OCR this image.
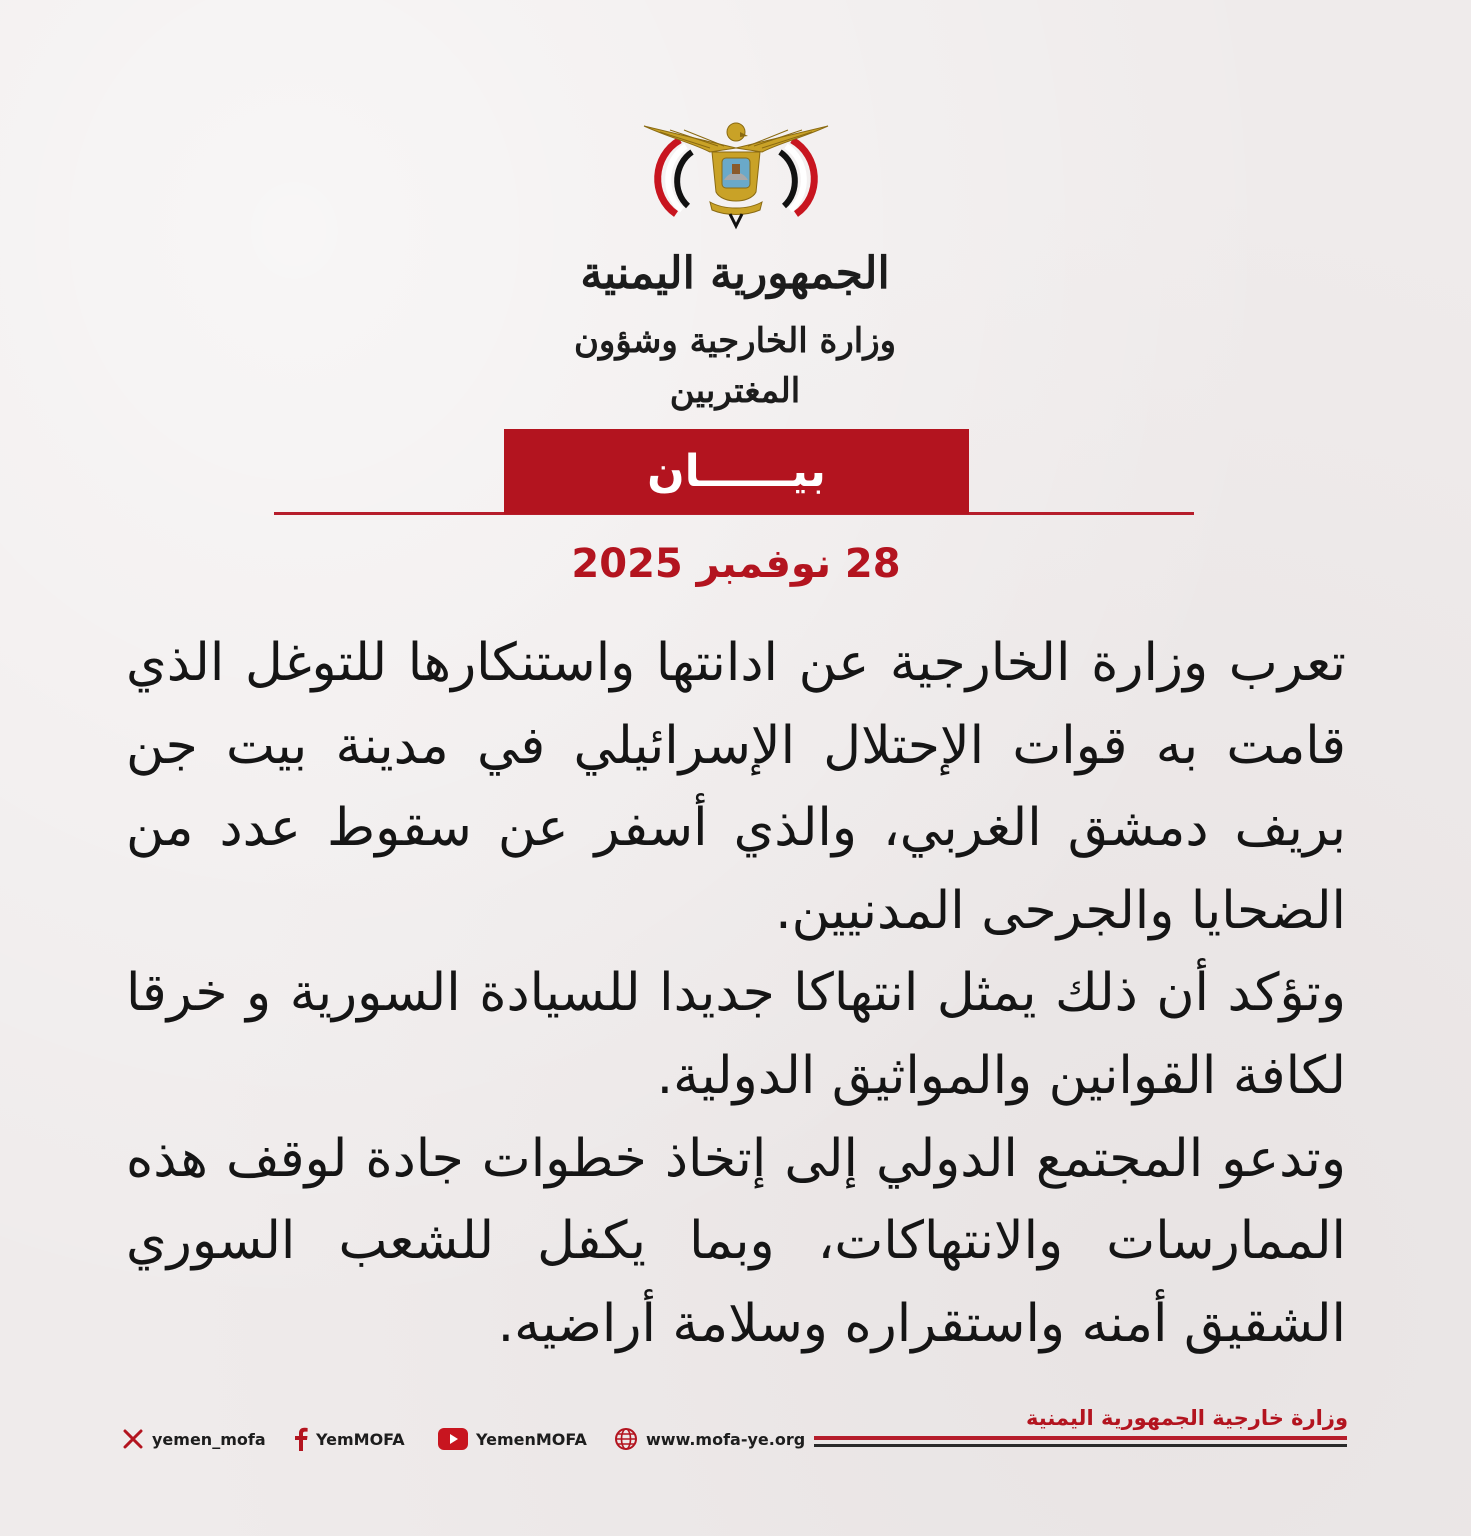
الجمهورية اليمنية
وزارة الخارجية وشؤون المغتربين
بيــــــان
28 نوفمبر 2025

تعرب وزارة الخارجية عن ادانتها واستنكارها للتوغل الذي قامت به قوات الإحتلال الإسرائيلي في مدينة بيت جن بريف دمشق الغربي، والذي أسفر عن سقوط عدد من الضحايا والجرحى المدنيين.

وتؤكد أن ذلك يمثل انتهاكا جديدا للسيادة السورية و خرقا لكافة القوانين والمواثيق الدولية.

وتدعو المجتمع الدولي إلى إتخاذ خطوات جادة لوقف هذه الممارسات والانتهاكات، وبما يكفل للشعب السوري الشقيق أمنه واستقراره وسلامة أراضيه.

وزارة خارجية الجمهورية اليمنية
yemen_mofa	YemMOFA	YemenMOFA	www.mofa-ye.org
